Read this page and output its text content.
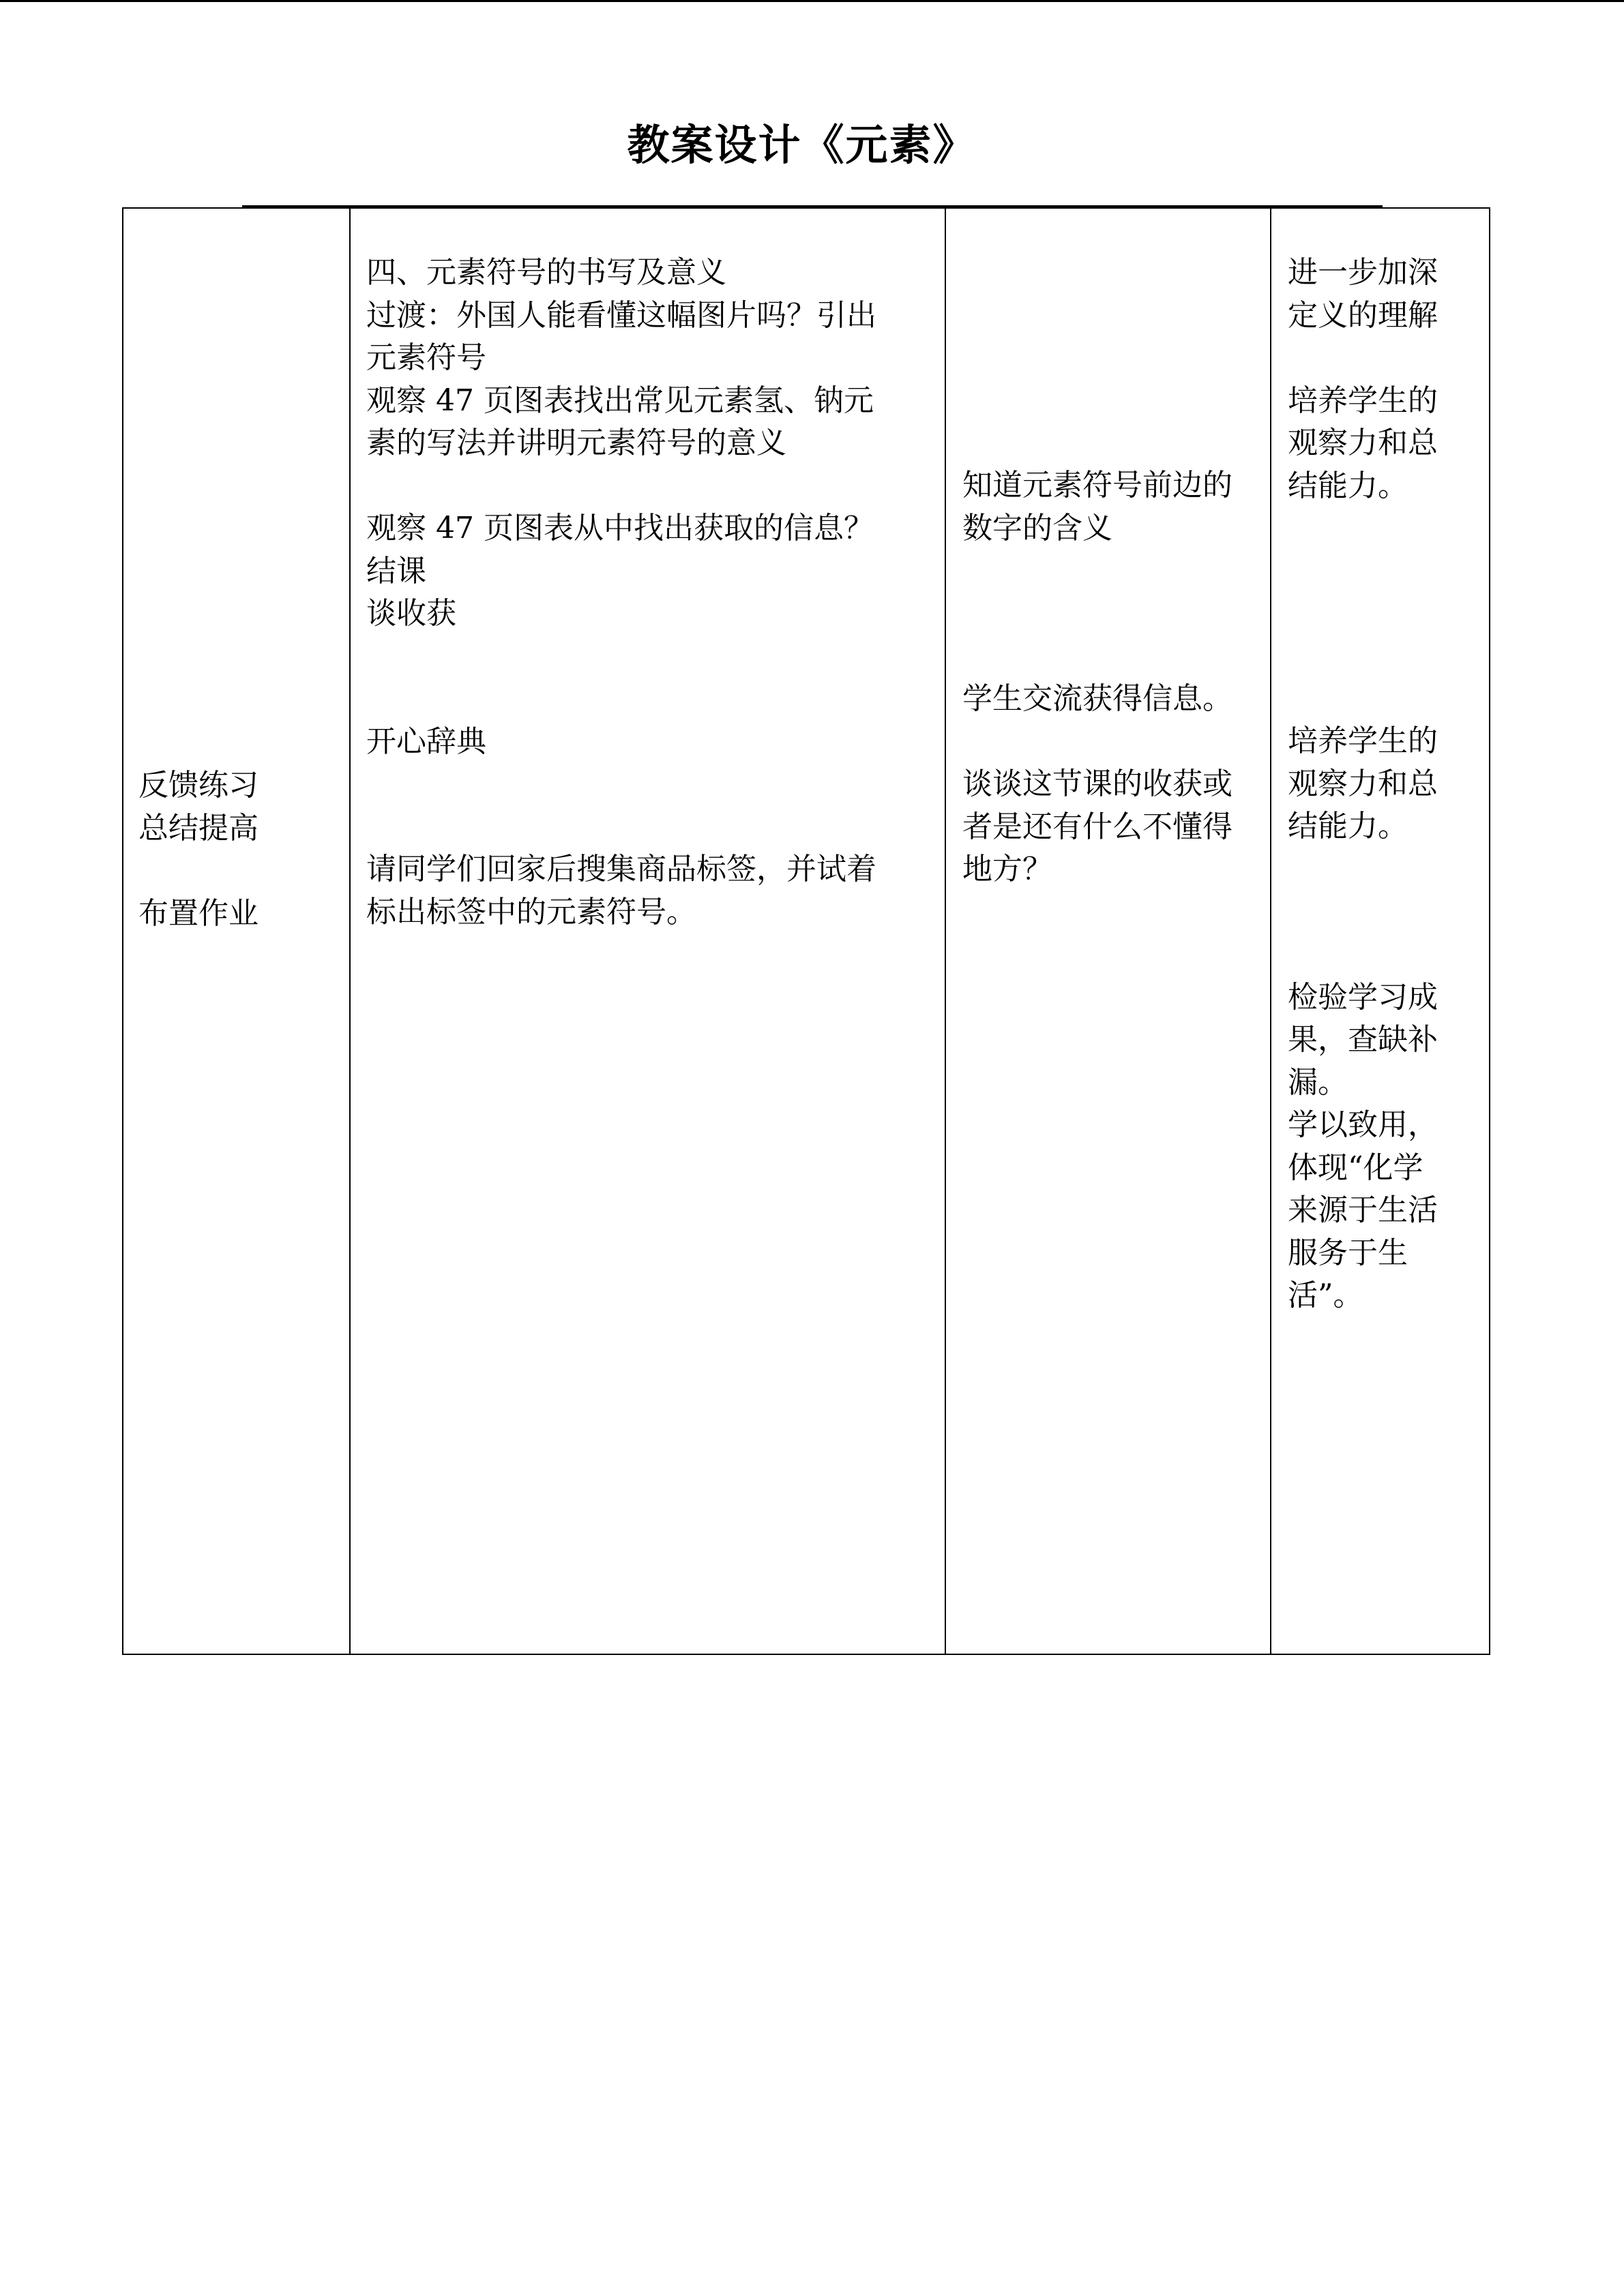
教案设计《元素》

反馈练习

总结提高

布置作业

四、元素符号的书写及意义

过渡：外国人能看懂这幅图片吗？引出

元素符号

观察 47 页图表找出常见元素氢、钠元

素的写法并讲明元素符号的意义

观察 47 页图表从中找出获取的信息？

结课

谈收获

开心辞典

请同学们回家后搜集商品标签，并试着

标出标签中的元素符号。

知道元素符号前边的

数字的含义

学生交流获得信息。

谈谈这节课的收获或

者是还有什么不懂得

地方？

进一步加深

定义的理解

培养学生的

观察力和总

结能力。

培养学生的

观察力和总

结能力。

检验学习成

果，查缺补

漏。

学以致用，

体现“化学

来源于生活

服务于生

活”。
